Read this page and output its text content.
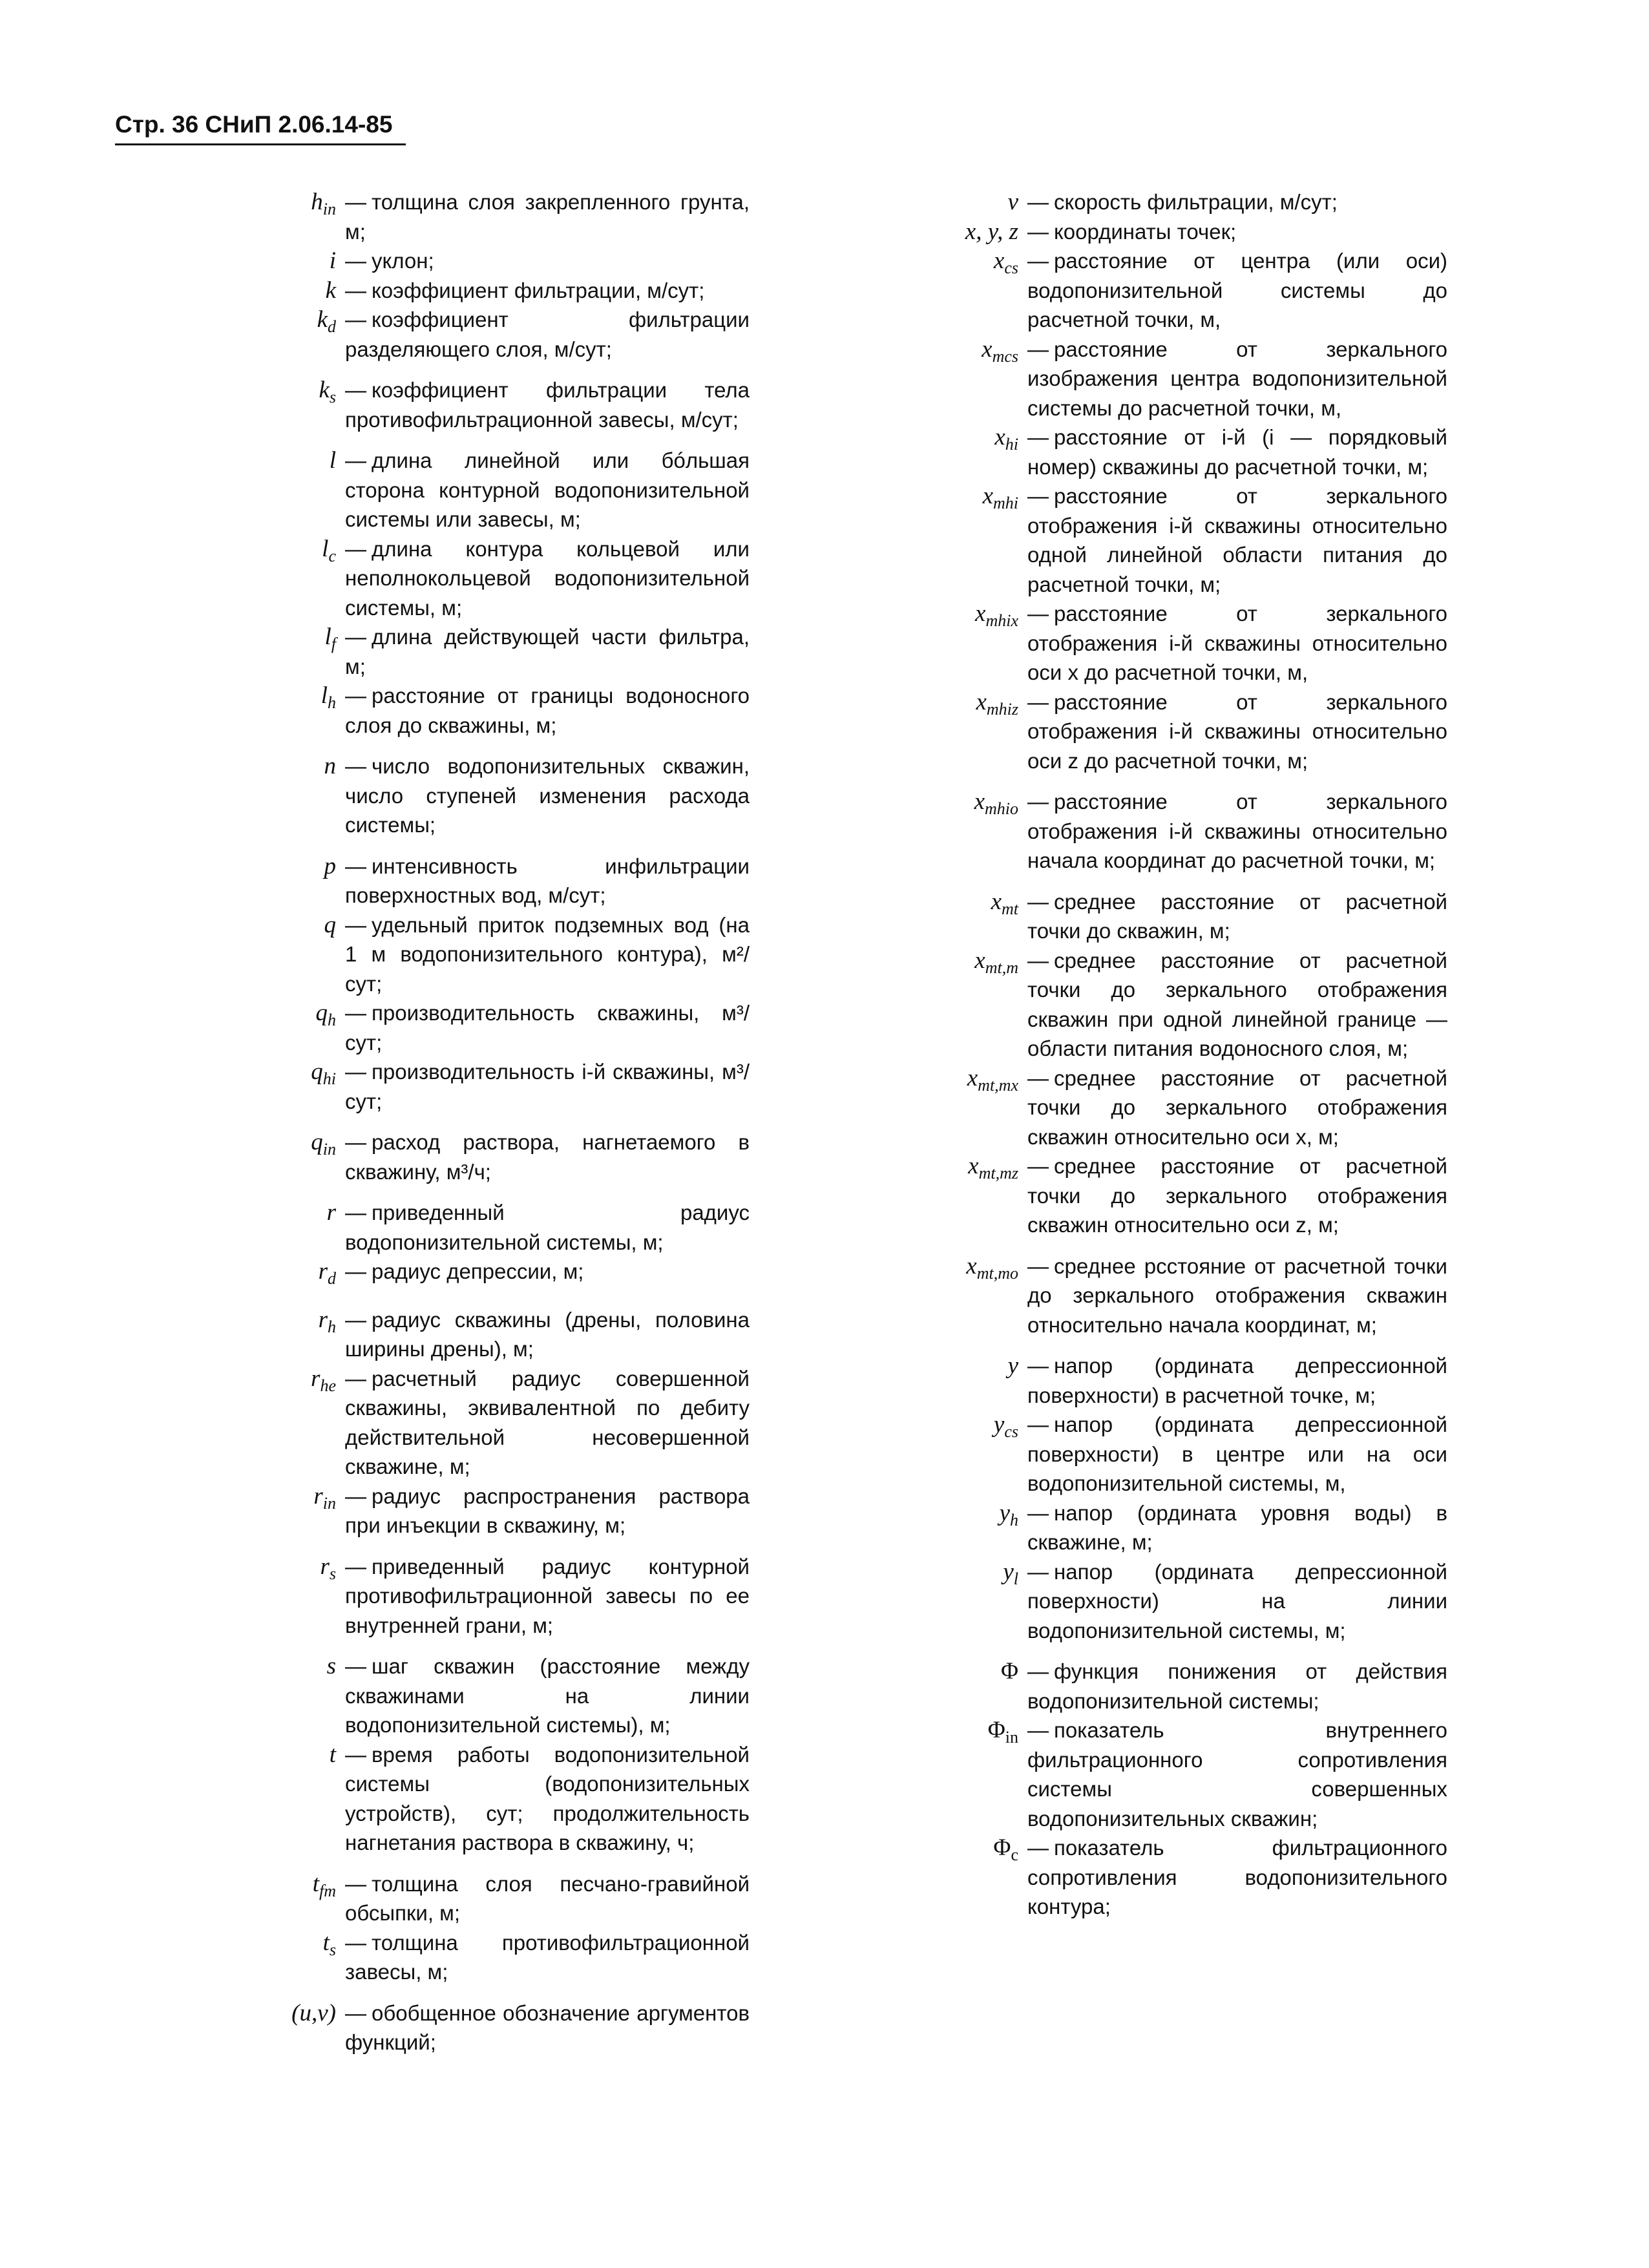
Стр. 36 СНиП 2.06.14-85
$h_{in}$ — толщина слоя закрепленного грунта, м;
i — уклон;
k — коэффициент фильтрации, м/сут;
$k_d$ — коэффициент фильтрации разделяющего слоя, м/сут;
$k_s$ — коэффициент фильтрации тела противофильтрационной завесы, м/сут;
l — длина линейной или бóльшая сторона контурной водопонизительной системы или завесы, м;
$l_c$ — длина контура кольцевой или неполнокольцевой водопонизительной системы, м;
$l_f$ — длина действующей части фильтра, м;
$l_h$ — расстояние от границы водоносного слоя до скважины, м;
n — число водопонизительных скважин, число ступеней изменения расхода системы;
p — интенсивность инфильтрации поверхностных вод, м/сут;
q — удельный приток подземных вод (на 1 м водопонизительного контура), м²/сут;
$q_h$ — производительность скважины, м³/сут;
$q_{hi}$ — производительность i-й скважины, м³/сут;
$q_{in}$ — расход раствора, нагнетаемого в скважину, м³/ч;
r — приведенный радиус водопонизительной системы, м;
$r_d$ — радиус депрессии, м;
$r_h$ — радиус скважины (дрены, половина ширины дрены), м;
$r_{he}$ — расчетный радиус совершенной скважины, эквивалентной по дебиту действительной несовершенной скважине, м;
$r_{in}$ — радиус распространения раствора при инъекции в скважину, м;
$r_s$ — приведенный радиус контурной противофильтрационной завесы по ее внутренней грани, м;
s — шаг скважин (расстояние между скважинами на линии водопонизительной системы), м;
t — время работы водопонизительной системы (водопонизительных устройств), сут; продолжительность нагнетания раствора в скважину, ч;
$t_{fm}$ — толщина слоя песчано-гравийной обсыпки, м;
$t_s$ — толщина противофильтрационной завесы, м;
(u,v) — обобщенное обозначение аргументов функций;
v — скорость фильтрации, м/сут;
x, y, z — координаты точек;
$x_{cs}$ — расстояние от центра (или оси) водопонизительной системы до расчетной точки, м,
$x_{mcs}$ — расстояние от зеркального изображения центра водопонизительной системы до расчетной точки, м,
$x_{hi}$ — расстояние от i-й (i — порядковый номер) скважины до расчетной точки, м;
$x_{mhi}$ — расстояние от зеркального отображения i-й скважины относительно одной линейной области питания до расчетной точки, м;
$x_{mhix}$ — расстояние от зеркального отображения i-й скважины относительно оси x до расчетной точки, м,
$x_{mhiz}$ — расстояние от зеркального отображения i-й скважины относительно оси z до расчетной точки, м;
$x_{mhio}$ — расстояние от зеркального отображения i-й скважины относительно начала координат до расчетной точки, м;
$x_{mt}$ — среднее расстояние от расчетной точки до скважин, м;
$x_{mt,m}$ — среднее расстояние от расчетной точки до зеркального отображения скважин при одной линейной границе — области питания водоносного слоя, м;
$x_{mt,mx}$ — среднее расстояние от расчетной точки до зеркального отображения скважин относительно оси x, м;
$x_{mt,mz}$ — среднее расстояние от расчетной точки до зеркального отображения скважин относительно оси z, м;
$x_{mt,mo}$ — среднее рсстояние от расчетной точки до зеркального отображения скважин относительно начала координат, м;
y — напор (ордината депрессионной поверхности) в расчетной точке, м;
$y_{cs}$ — напор (ордината депрессионной поверхности) в центре или на оси водопонизительной системы, м,
$y_h$ — напор (ордината уровня воды) в скважине, м;
$y_l$ — напор (ордината депрессионной поверхности) на линии водопонизительной системы, м;
Φ — функция понижения от действия водопонизительной системы;
$\Phi_{in}$ — показатель внутреннего фильтрационного сопротивления системы совершенных водопонизительных скважин;
$\Phi_c$ — показатель фильтрационного сопротивления водопонизительного контура;
